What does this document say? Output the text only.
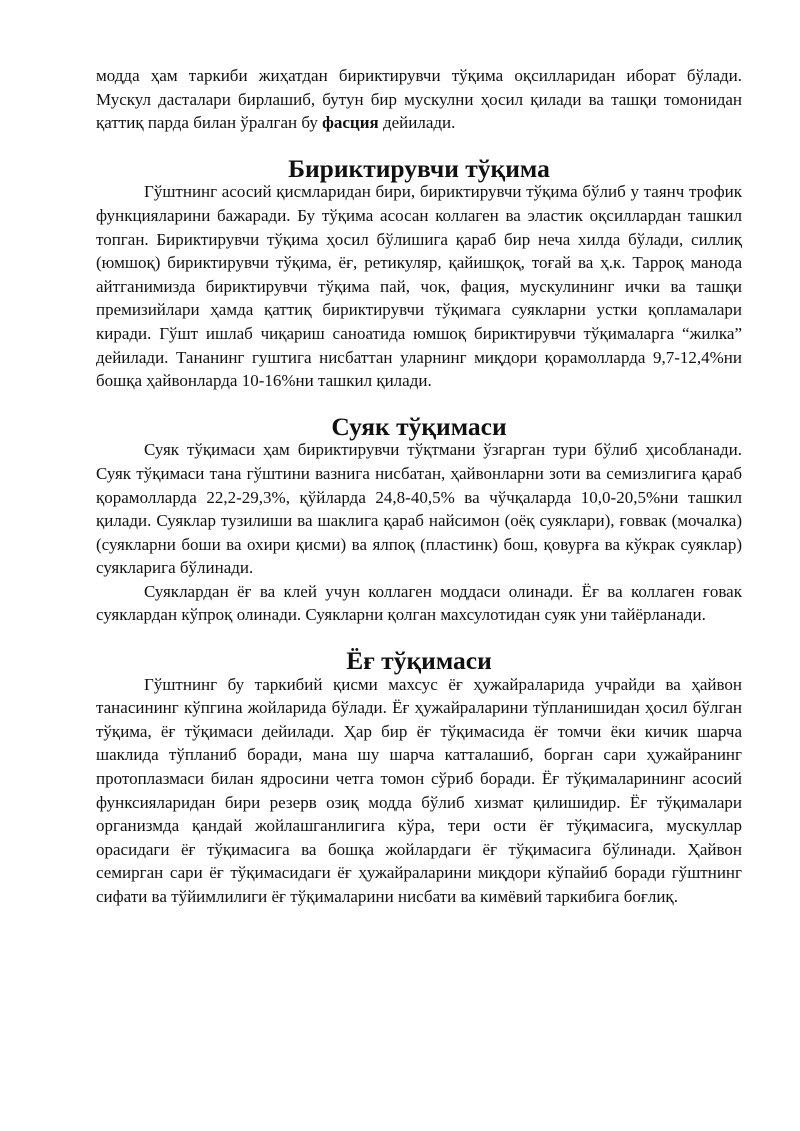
модда ҳам таркиби жиҳатдан бириктирувчи тўқима оқсилларидан иборат бўлади. Мускул дасталари бирлашиб, бутун бир мускулни ҳосил қилади ва ташқи томонидан қаттиқ парда билан ўралган бу фасция дейилади.

Бириктирувчи тўқима

Гўштнинг асосий қисмларидан бири, бириктирувчи тўқима бўлиб у таянч трофик функцияларини бажаради. Бу тўқима асосан коллаген ва эластик оқсиллардан ташкил топган. Бириктирувчи тўқима ҳосил бўлишига қараб бир неча хилда бўлади, силлиқ (юмшоқ) бириктирувчи тўқима, ёғ, ретикуляр, қайишқоқ, тоғай ва ҳ.к. Тарроқ манода айтганимизда бириктирувчи тўқима пай, чок, фация, мускулининг ички ва ташқи премизийлари ҳамда қаттиқ бириктирувчи тўқимага суякларни устки қопламалари киради. Гўшт ишлаб чиқариш саноатида юмшоқ бириктирувчи тўқималарга “жилка” дейилади. Тананинг гуштига нисбаттан уларнинг миқдори қорамолларда 9,7-12,4%ни бошқа ҳайвонларда 10-16%ни ташкил қилади.

Суяк тўқимаси

Суяк тўқимаси ҳам бириктирувчи тўқтмани ўзгарган тури бўлиб ҳисобланади. Суяк тўқимаси тана гўштини вазнига нисбатан, ҳайвонларни зоти ва семизлигига қараб қорамолларда 22,2-29,3%, қўйларда 24,8-40,5% ва чўчқаларда 10,0-20,5%ни ташкил қилади. Суяклар тузилиши ва шаклига қараб найсимон (оёқ суяклари), ғоввак (мочалка) (суякларни боши ва охири қисми) ва ялпоқ (пластинк) бош, қовурға ва кўкрак суяклар) суякларига бўлинади.

Суяклардан ёғ ва клей учун коллаген моддаси олинади. Ёғ ва коллаген ғовак суяклардан кўпроқ олинади. Суякларни қолган махсулотидан суяк уни тайёрланади.

Ёғ тўқимаси

Гўштнинг бу таркибий қисми махсус ёғ ҳужайраларида учрайди ва ҳайвон танасининг кўпгина жойларида бўлади. Ёғ ҳужайраларини тўпланишидан ҳосил бўлган тўқима, ёғ тўқимаси дейилади. Ҳар бир ёғ тўқимасида ёғ томчи ёки кичик шарча шаклида тўпланиб боради, мана шу шарча катталашиб, борган сари ҳужайранинг протоплазмаси билан ядросини четга томон сўриб боради. Ёғ тўқималарининг асосий функсияларидан бири резерв озиқ модда бўлиб хизмат қилишидир. Ёғ тўқималари организмда қандай жойлашганлигига кўра, тери ости ёғ тўқимасига, мускуллар орасидаги ёғ тўқимасига ва бошқа жойлардаги ёғ тўқимасига бўлинади. Ҳайвон семирган сари ёғ тўқимасидаги ёғ ҳужайраларини миқдори кўпайиб боради гўштнинг сифати ва тўйимлилиги ёғ тўқималарини нисбати ва кимёвий таркибига боғлиқ.
